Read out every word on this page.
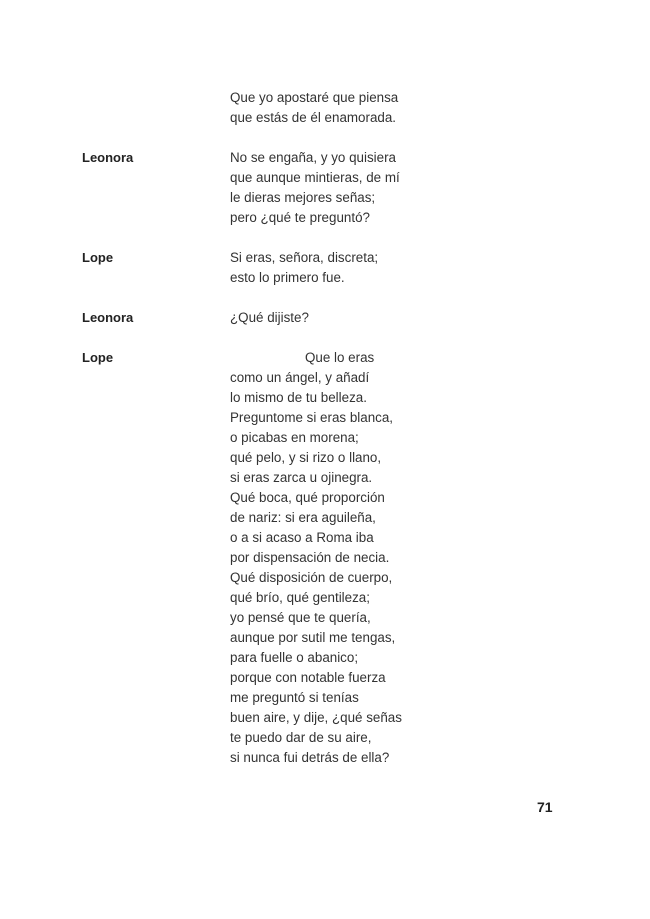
Que yo apostaré que piensa
que estás de él enamorada.
Leonora	No se engaña, y yo quisiera
que aunque mintieras, de mí
le dieras mejores señas;
pero ¿qué te preguntó?
Lope	Si eras, señora, discreta;
esto lo primero fue.
Leonora	¿Qué dijiste?
Lope	Que lo eras
como un ángel, y añadí
lo mismo de tu belleza.
Preguntome si eras blanca,
o picabas en morena;
qué pelo, y si rizo o llano,
si eras zarca u ojinegra.
Qué boca, qué proporción
de nariz: si era aguileña,
o a si acaso a Roma iba
por dispensación de necia.
Qué disposición de cuerpo,
qué brío, qué gentileza;
yo pensé que te quería,
aunque por sutil me tengas,
para fuelle o abanico;
porque con notable fuerza
me preguntó si tenías
buen aire, y dije, ¿qué señas
te puedo dar de su aire,
si nunca fui detrás de ella?
71
